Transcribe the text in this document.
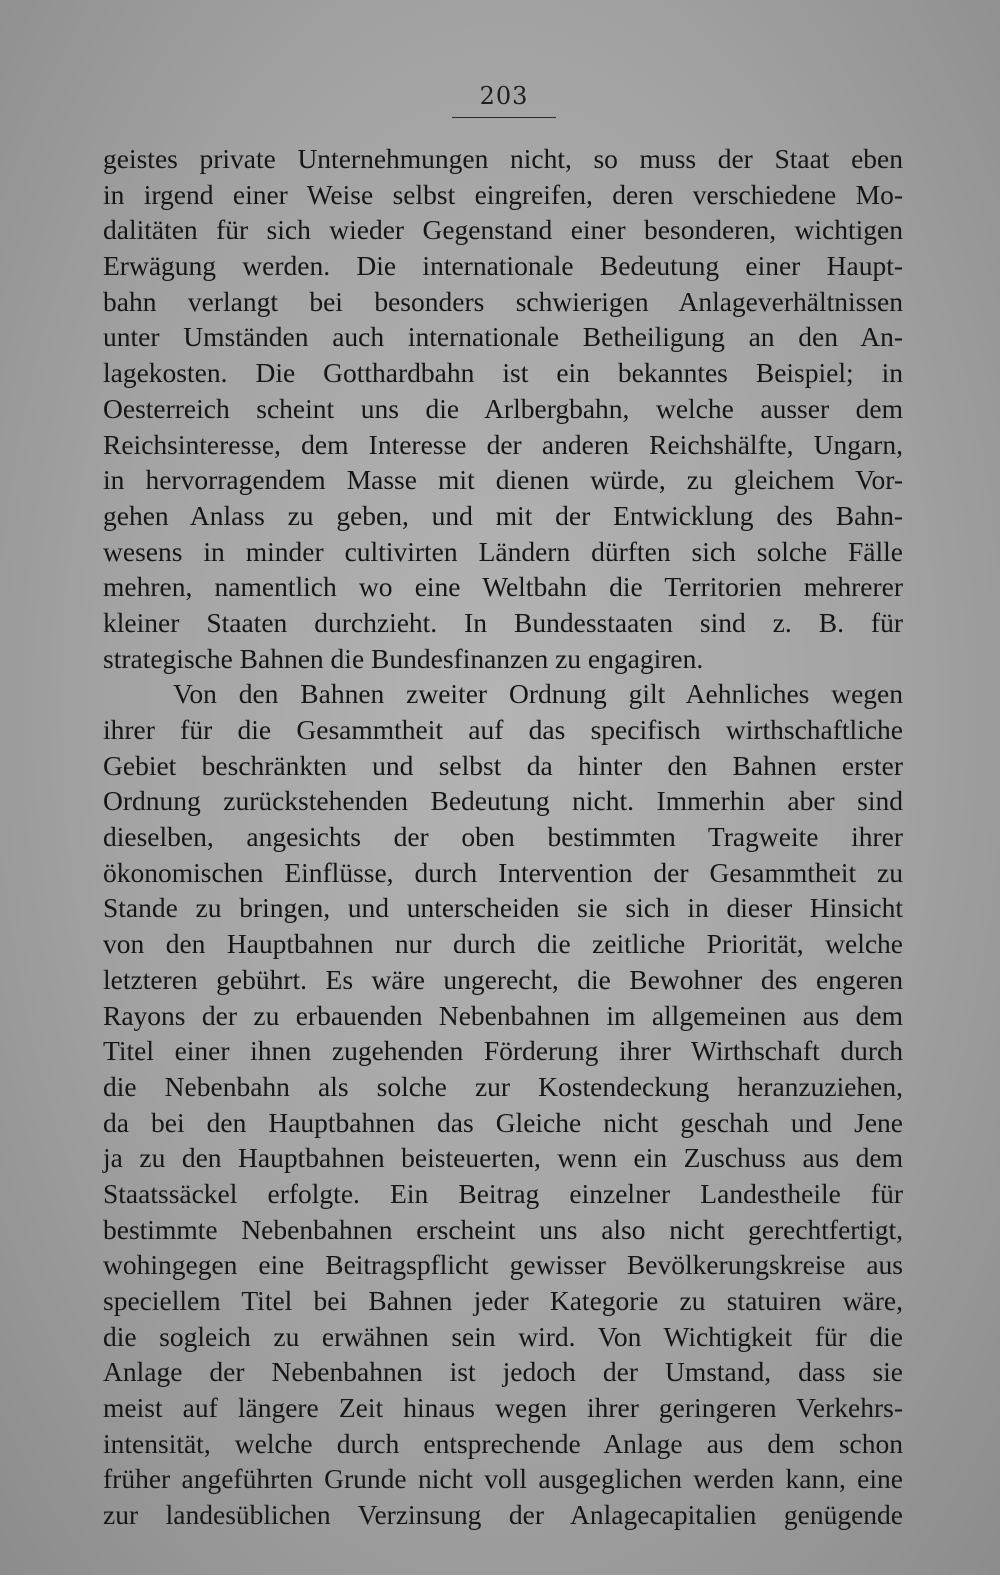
203
geistes private Unternehmungen nicht, so muss der Staat eben
in irgend einer Weise selbst eingreifen, deren verschiedene Mo-
dalitäten für sich wieder Gegenstand einer besonderen, wichtigen
Erwägung werden. Die internationale Bedeutung einer Haupt-
bahn verlangt bei besonders schwierigen Anlageverhältnissen
unter Umständen auch internationale Betheiligung an den An-
lagekosten. Die Gotthardbahn ist ein bekanntes Beispiel; in
Oesterreich scheint uns die Arlbergbahn, welche ausser dem
Reichsinteresse, dem Interesse der anderen Reichshälfte, Ungarn,
in hervorragendem Masse mit dienen würde, zu gleichem Vor-
gehen Anlass zu geben, und mit der Entwicklung des Bahn-
wesens in minder cultivirten Ländern dürften sich solche Fälle
mehren, namentlich wo eine Weltbahn die Territorien mehrerer
kleiner Staaten durchzieht. In Bundesstaaten sind z. B. für
strategische Bahnen die Bundesfinanzen zu engagiren.
Von den Bahnen zweiter Ordnung gilt Aehnliches wegen
ihrer für die Gesammtheit auf das specifisch wirthschaftliche
Gebiet beschränkten und selbst da hinter den Bahnen erster
Ordnung zurückstehenden Bedeutung nicht. Immerhin aber sind
dieselben, angesichts der oben bestimmten Tragweite ihrer
ökonomischen Einflüsse, durch Intervention der Gesammtheit zu
Stande zu bringen, und unterscheiden sie sich in dieser Hinsicht
von den Hauptbahnen nur durch die zeitliche Priorität, welche
letzteren gebührt. Es wäre ungerecht, die Bewohner des engeren
Rayons der zu erbauenden Nebenbahnen im allgemeinen aus dem
Titel einer ihnen zugehenden Förderung ihrer Wirthschaft durch
die Nebenbahn als solche zur Kostendeckung heranzuziehen,
da bei den Hauptbahnen das Gleiche nicht geschah und Jene
ja zu den Hauptbahnen beisteuerten, wenn ein Zuschuss aus dem
Staatssäckel erfolgte. Ein Beitrag einzelner Landestheile für
bestimmte Nebenbahnen erscheint uns also nicht gerechtfertigt,
wohingegen eine Beitragspflicht gewisser Bevölkerungskreise aus
speciellem Titel bei Bahnen jeder Kategorie zu statuiren wäre,
die sogleich zu erwähnen sein wird. Von Wichtigkeit für die
Anlage der Nebenbahnen ist jedoch der Umstand, dass sie
meist auf längere Zeit hinaus wegen ihrer geringeren Verkehrs-
intensität, welche durch entsprechende Anlage aus dem schon
früher angeführten Grunde nicht voll ausgeglichen werden kann, eine
zur landesüblichen Verzinsung der Anlagecapitalien genügende
